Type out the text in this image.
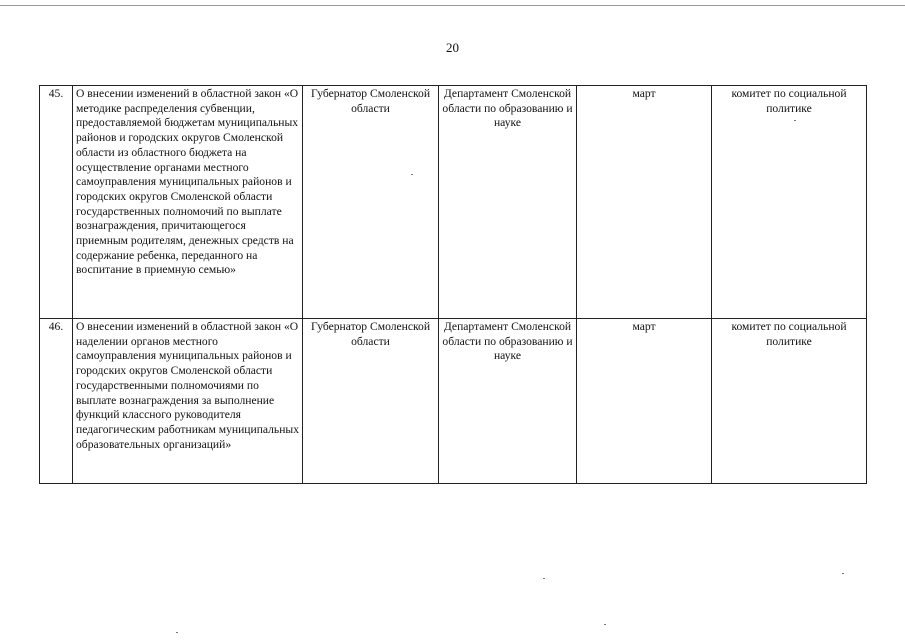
20
45.	О внесении изменений в областной закон «О методике распределения субвенции, предоставляемой бюджетам муниципальных районов и городских округов Смоленской области из областного бюджета на осуществление органами местного самоуправления муниципальных районов и городских округов Смоленской области государственных полномочий по выплате вознаграждения, причитающегося приемным родителям, денежных средств на содержание ребенка, переданного на воспитание в приемную семью»	Губернатор Смоленской области	Департамент Смоленской области по образованию и науке	март	комитет по социальной политике
46.	О внесении изменений в областной закон «О наделении органов местного самоуправления муниципальных районов и городских округов Смоленской области государственными полномочиями по выплате вознаграждения за выполнение функций классного руководителя педагогическим работникам муниципальных образовательных организаций»	Губернатор Смоленской области	Департамент Смоленской области по образованию и науке	март	комитет по социальной политике
